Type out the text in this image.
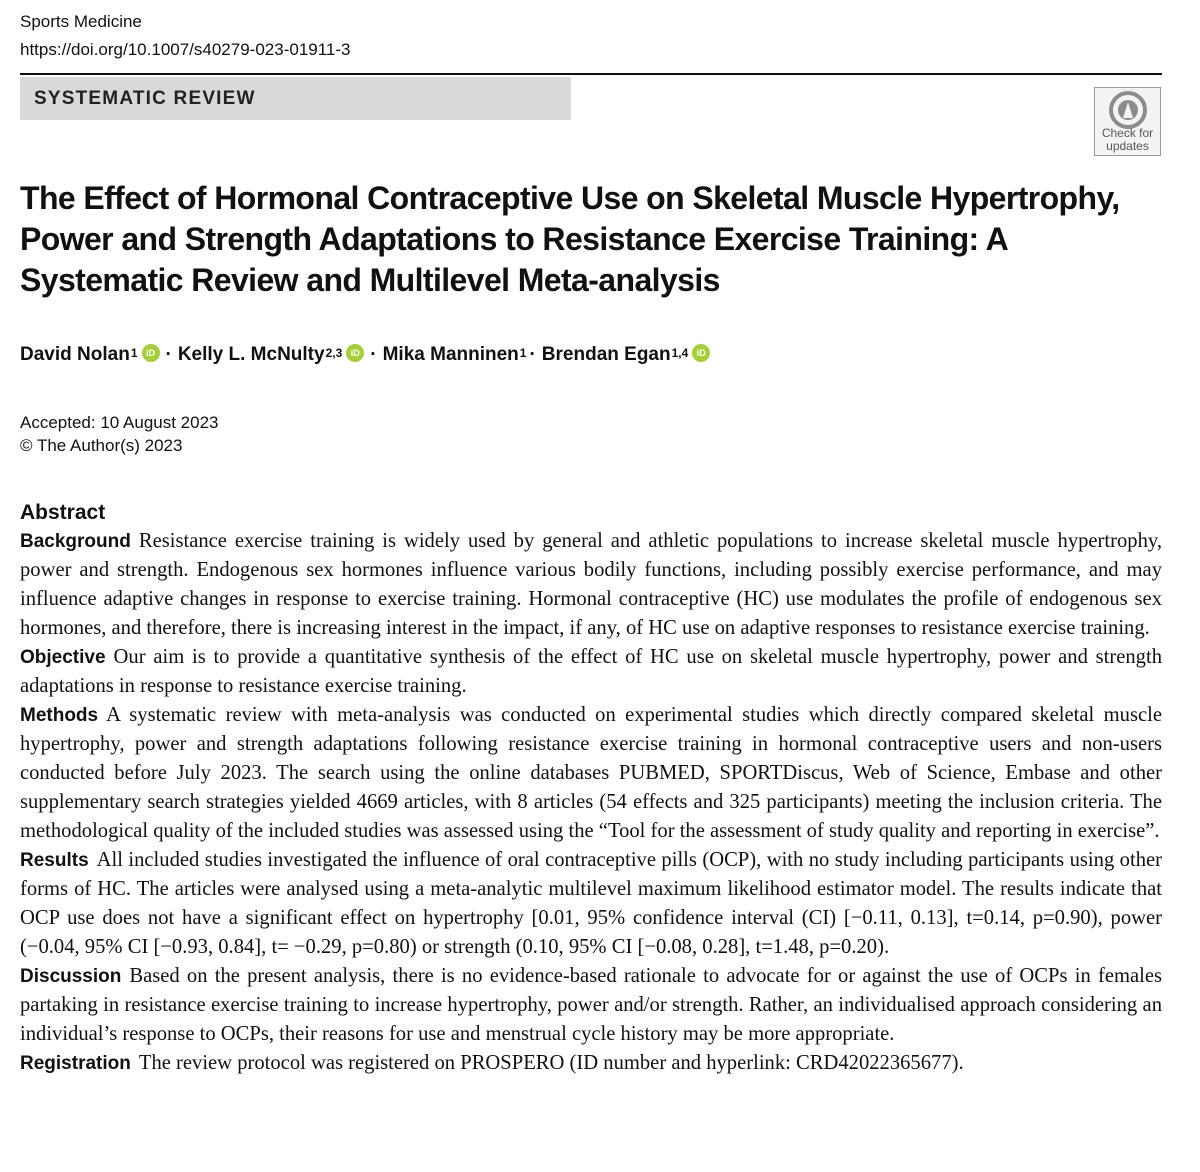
Sports Medicine
https://doi.org/10.1007/s40279-023-01911-3
SYSTEMATIC REVIEW
Check for updates
The Effect of Hormonal Contraceptive Use on Skeletal Muscle Hypertrophy, Power and Strength Adaptations to Resistance Exercise Training: A Systematic Review and Multilevel Meta-analysis
David Nolan$^1$ iD · Kelly L. McNulty$^{2,3}$ iD · Mika Manninen$^1$ · Brendan Egan$^{1,4}$ iD
Accepted: 10 August 2023
© The Author(s) 2023
Abstract

Background Resistance exercise training is widely used by general and athletic populations to increase skeletal muscle hypertrophy, power and strength. Endogenous sex hormones influence various bodily functions, including possibly exercise performance, and may influence adaptive changes in response to exercise training. Hormonal contraceptive (HC) use modulates the profile of endogenous sex hormones, and therefore, there is increasing interest in the impact, if any, of HC use on adaptive responses to resistance exercise training.

Objective Our aim is to provide a quantitative synthesis of the effect of HC use on skeletal muscle hypertrophy, power and strength adaptations in response to resistance exercise training.

Methods A systematic review with meta-analysis was conducted on experimental studies which directly compared skeletal muscle hypertrophy, power and strength adaptations following resistance exercise training in hormonal contraceptive users and non-users conducted before July 2023. The search using the online databases PUBMED, SPORTDiscus, Web of Science, Embase and other supplementary search strategies yielded 4669 articles, with 8 articles (54 effects and 325 participants) meeting the inclusion criteria. The methodological quality of the included studies was assessed using the “Tool for the assessment of study quality and reporting in exercise”.

Results All included studies investigated the influence of oral contraceptive pills (OCP), with no study including participants using other forms of HC. The articles were analysed using a meta-analytic multilevel maximum likelihood estimator model. The results indicate that OCP use does not have a significant effect on hypertrophy [0.01, 95% confidence interval (CI) [−0.11, 0.13], t=0.14, p=0.90), power (−0.04, 95% CI [−0.93, 0.84], t= −0.29, p=0.80) or strength (0.10, 95% CI [−0.08, 0.28], t=1.48, p=0.20).

Discussion Based on the present analysis, there is no evidence-based rationale to advocate for or against the use of OCPs in females partaking in resistance exercise training to increase hypertrophy, power and/or strength. Rather, an individualised approach considering an individual’s response to OCPs, their reasons for use and menstrual cycle history may be more appropriate.

Registration The review protocol was registered on PROSPERO (ID number and hyperlink: CRD42022365677).
